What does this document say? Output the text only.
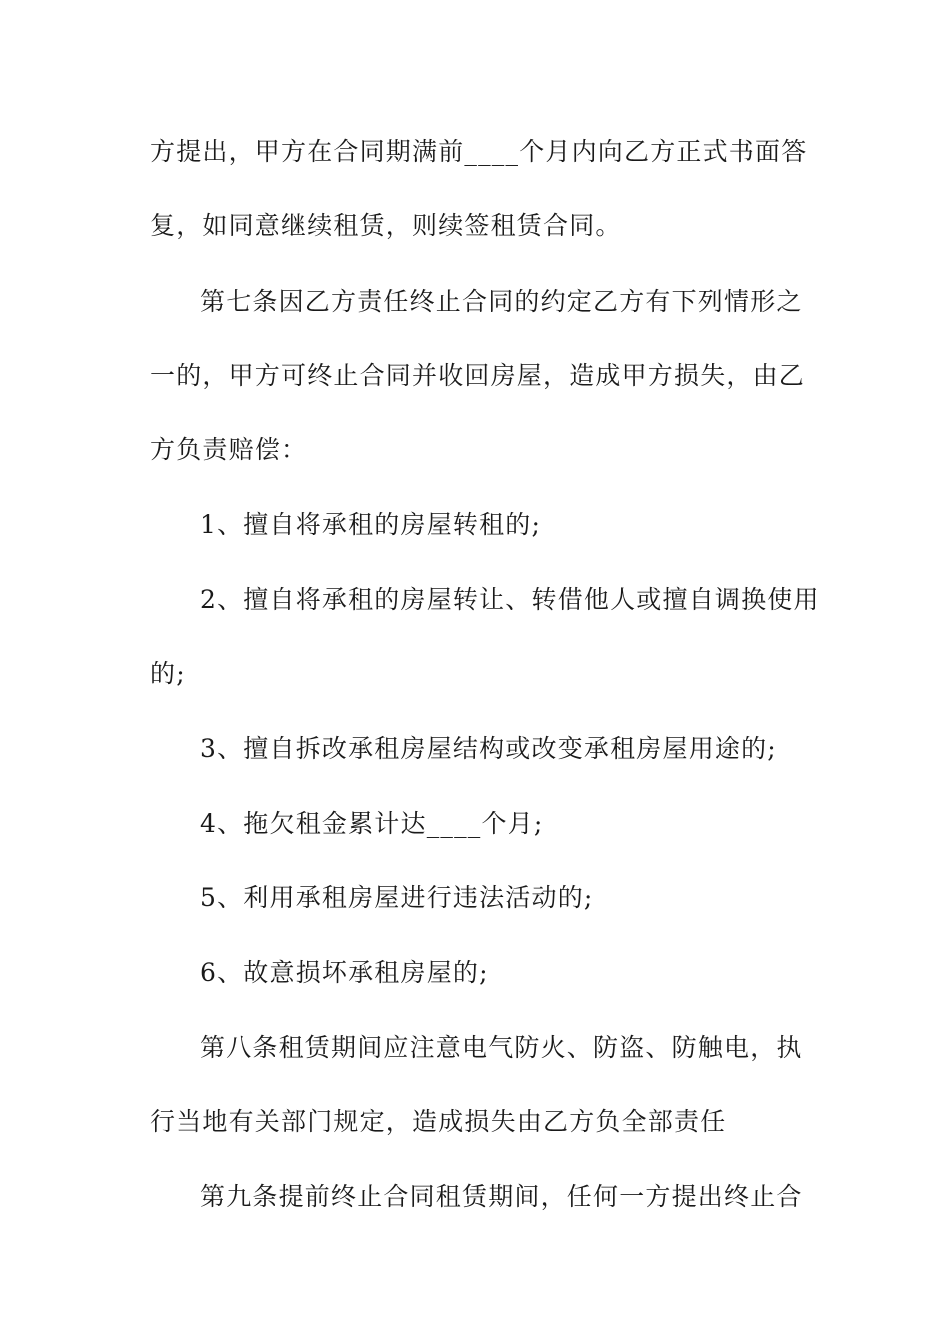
方提出，甲方在合同期满前____个月内向乙方正式书面答
复，如同意继续租赁，则续签租赁合同。
第七条因乙方责任终止合同的约定乙方有下列情形之
一的，甲方可终止合同并收回房屋，造成甲方损失，由乙
方负责赔偿：
1、擅自将承租的房屋转租的;
2、擅自将承租的房屋转让、转借他人或擅自调换使用
的;
3、擅自拆改承租房屋结构或改变承租房屋用途的;
4、拖欠租金累计达____个月;
5、利用承租房屋进行违法活动的;
6、故意损坏承租房屋的;
第八条租赁期间应注意电气防火、防盗、防触电，执
行当地有关部门规定，造成损失由乙方负全部责任
第九条提前终止合同租赁期间，任何一方提出终止合
